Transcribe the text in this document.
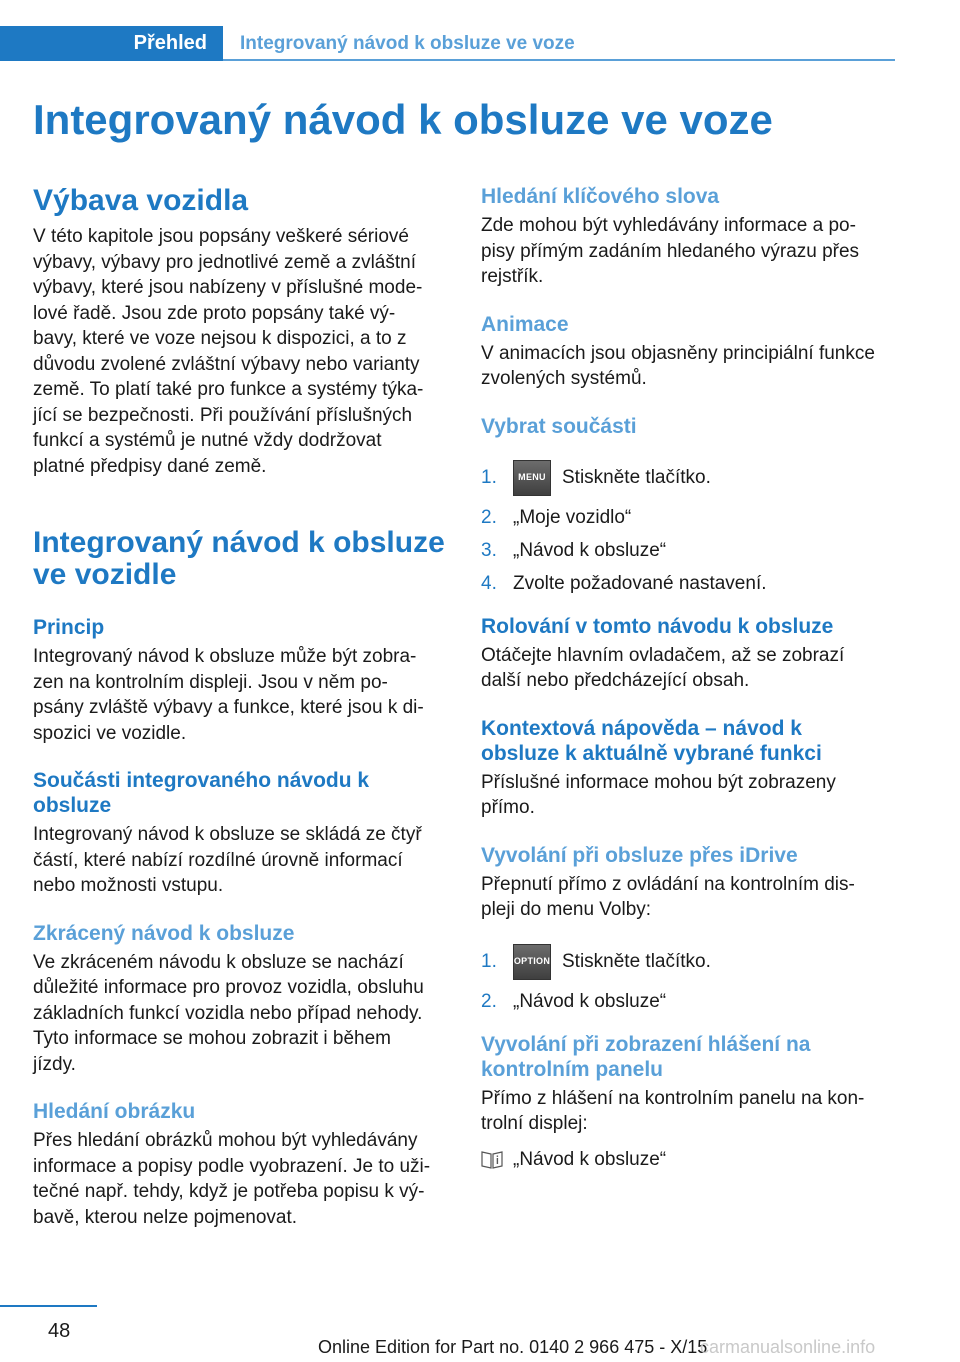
Přehled	Integrovaný návod k obsluze ve voze
Integrovaný návod k obsluze ve voze
Výbava vozidla
V této kapitole jsou popsány veškeré sériové
výbavy, výbavy pro jednotlivé země a zvláštní
výbavy, které jsou nabízeny v příslušné mode‐
lové řadě. Jsou zde proto popsány také vý‐
bavy, které ve voze nejsou k dispozici, a to z
důvodu zvolené zvláštní výbavy nebo varianty
země. To platí také pro funkce a systémy týka‐
jící se bezpečnosti. Při používání příslušných
funkcí a systémů je nutné vždy dodržovat
platné předpisy dané země.
Integrovaný návod k obsluze
ve vozidle
Princip
Integrovaný návod k obsluze může být zobra‐
zen na kontrolním displeji. Jsou v něm po‐
psány zvláště výbavy a funkce, které jsou k di‐
spozici ve vozidle.
Součásti integrovaného návodu k
obsluze
Integrovaný návod k obsluze se skládá ze čtyř
částí, které nabízí rozdílné úrovně informací
nebo možnosti vstupu.
Zkrácený návod k obsluze
Ve zkráceném návodu k obsluze se nachází
důležité informace pro provoz vozidla, obsluhu
základních funkcí vozidla nebo případ nehody.
Tyto informace se mohou zobrazit i během
jízdy.
Hledání obrázku
Přes hledání obrázků mohou být vyhledávány
informace a popisy podle vyobrazení. Je to uži‐
tečné např. tehdy, když je potřeba popisu k vý‐
bavě, kterou nelze pojmenovat.
Hledání klíčového slova
Zde mohou být vyhledávány informace a po‐
pisy přímým zadáním hledaného výrazu přes
rejstřík.
Animace
V animacích jsou objasněny principiální funkce
zvolených systémů.
Vybrat součásti
1.	MENU Stiskněte tlačítko.
2. „Moje vozidlo“
3. „Návod k obsluze“
4. Zvolte požadované nastavení.
Rolování v tomto návodu k obsluze
Otáčejte hlavním ovladačem, až se zobrazí
další nebo předcházející obsah.
Kontextová nápověda – návod k
obsluze k aktuálně vybrané funkci
Příslušné informace mohou být zobrazeny
přímo.
Vyvolání při obsluze přes iDrive
Přepnutí přímo z ovládání na kontrolním dis‐
pleji do menu Volby:
1.	OPTION Stiskněte tlačítko.
2. „Návod k obsluze“
Vyvolání při zobrazení hlášení na
kontrolním panelu
Přímo z hlášení na kontrolním panelu na kon‐
trolní displej:
„Návod k obsluze“
48
Online Edition for Part no. 0140 2 966 475 - X/15
carmanualsonline.info
